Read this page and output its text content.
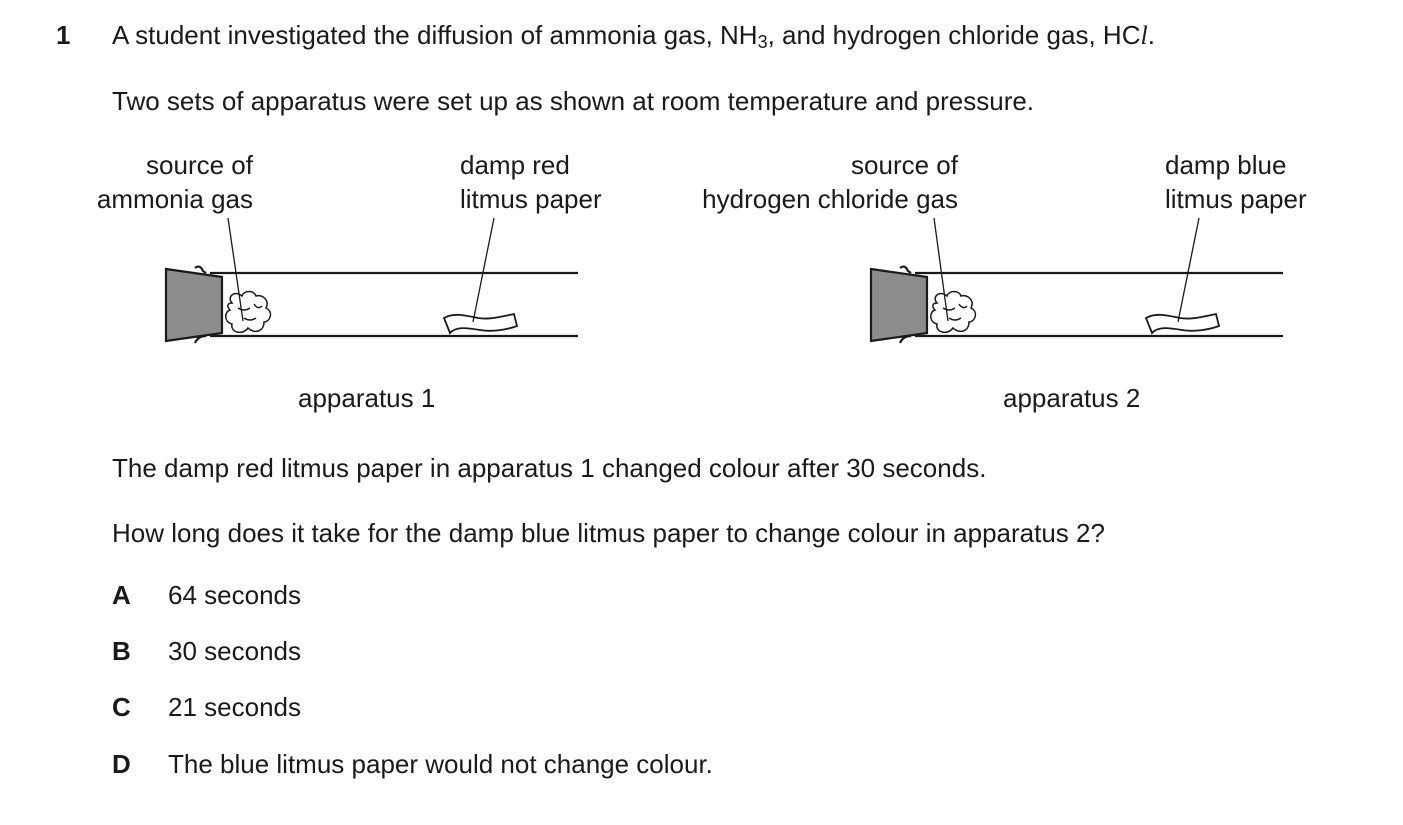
1 A student investigated the diffusion of ammonia gas, $NH_3$, and hydrogen chloride gas, HCl.
Two sets of apparatus were set up as shown at room temperature and pressure.
source of
ammonia gas
damp red
litmus paper
source of
hydrogen chloride gas
damp blue
litmus paper
apparatus 1	apparatus 2
The damp red litmus paper in apparatus 1 changed colour after 30 seconds.
How long does it take for the damp blue litmus paper to change colour in apparatus 2?
A 64 seconds
B 30 seconds
C 21 seconds
D The blue litmus paper would not change colour.
